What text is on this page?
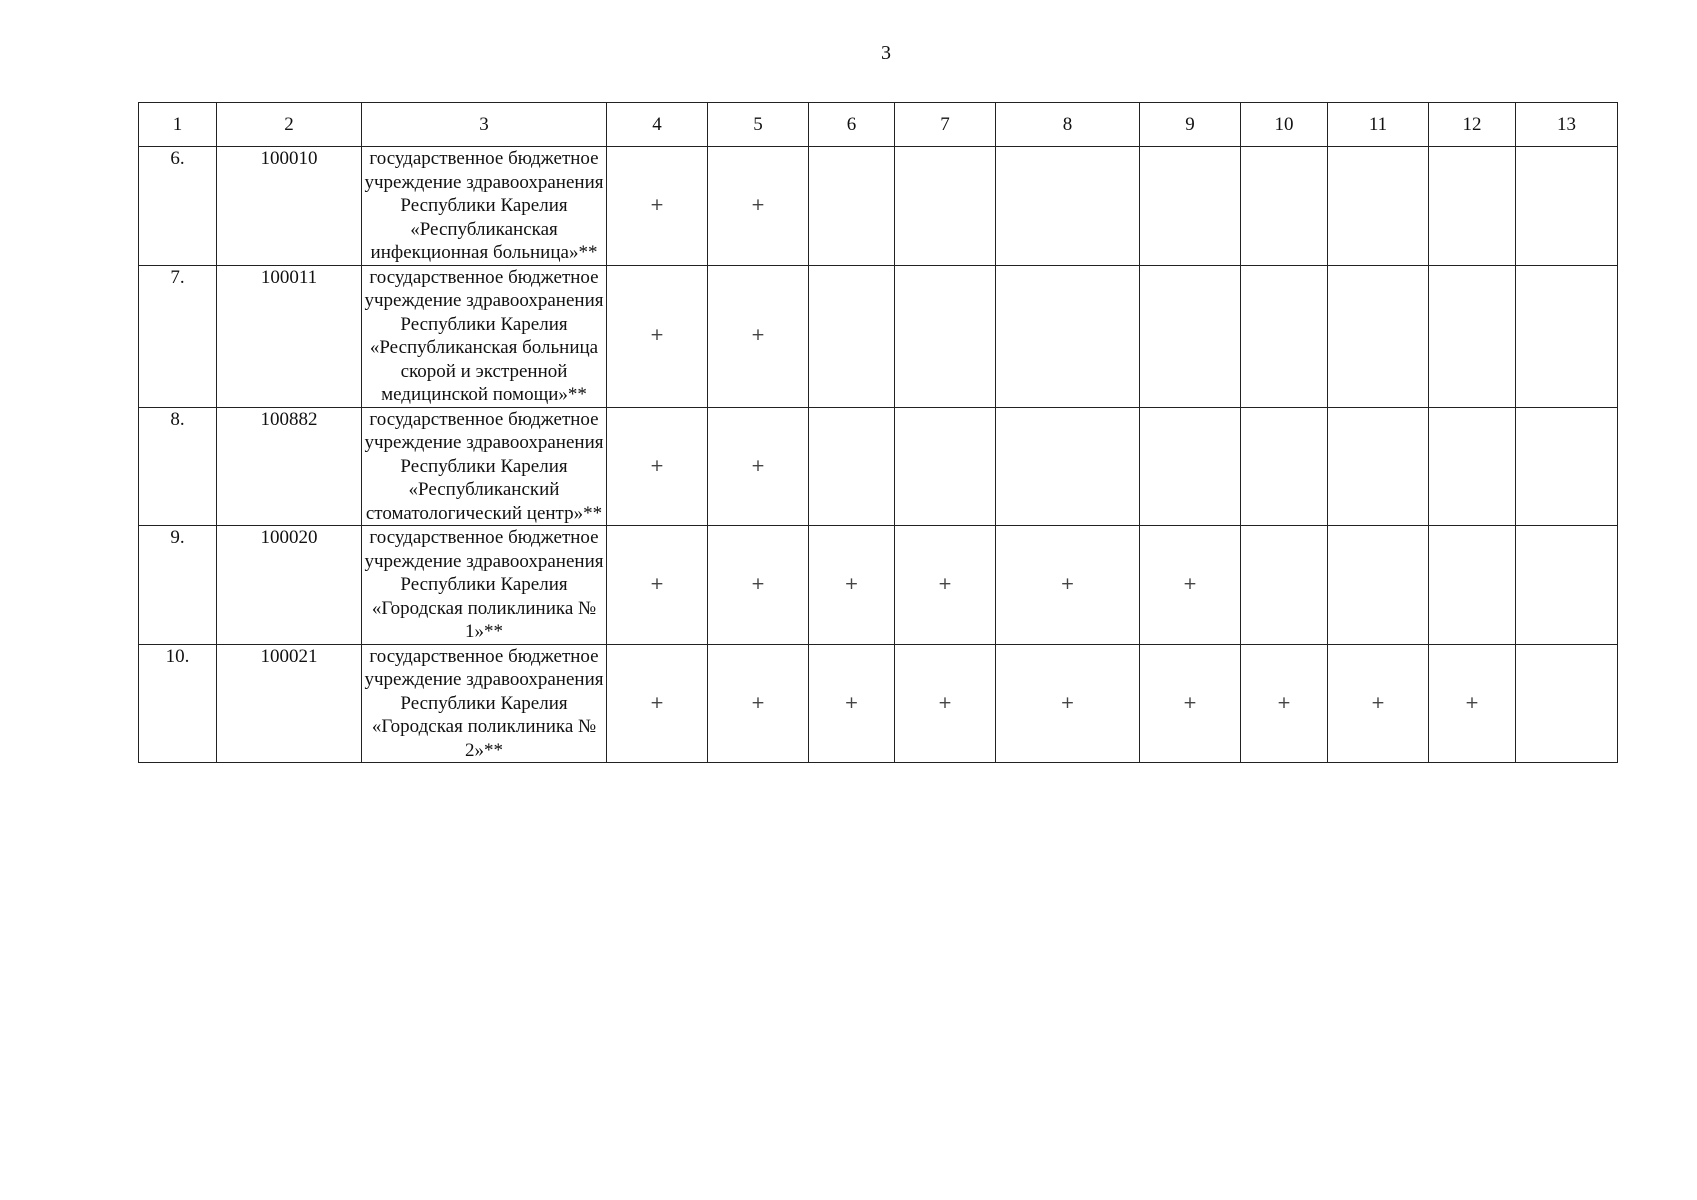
3
1	2	3	4	5	6	7	8	9	10	11	12	13
6.	100010	государственное бюджетное учреждение здравоохранения Республики Карелия «Республиканская инфекционная больница»**	+	+								
7.	100011	государственное бюджетное учреждение здравоохранения Республики Карелия «Республиканская больница скорой и экстренной медицинской помощи»**	+	+								
8.	100882	государственное бюджетное учреждение здравоохранения Республики Карелия «Республиканский стоматологический центр»**	+	+								
9.	100020	государственное бюджетное учреждение здравоохранения Республики Карелия «Городская поликлиника № 1»**	+	+	+	+	+	+				
10.	100021	государственное бюджетное учреждение здравоохранения Республики Карелия «Городская поликлиника № 2»**	+	+	+	+	+	+	+	+	+	
